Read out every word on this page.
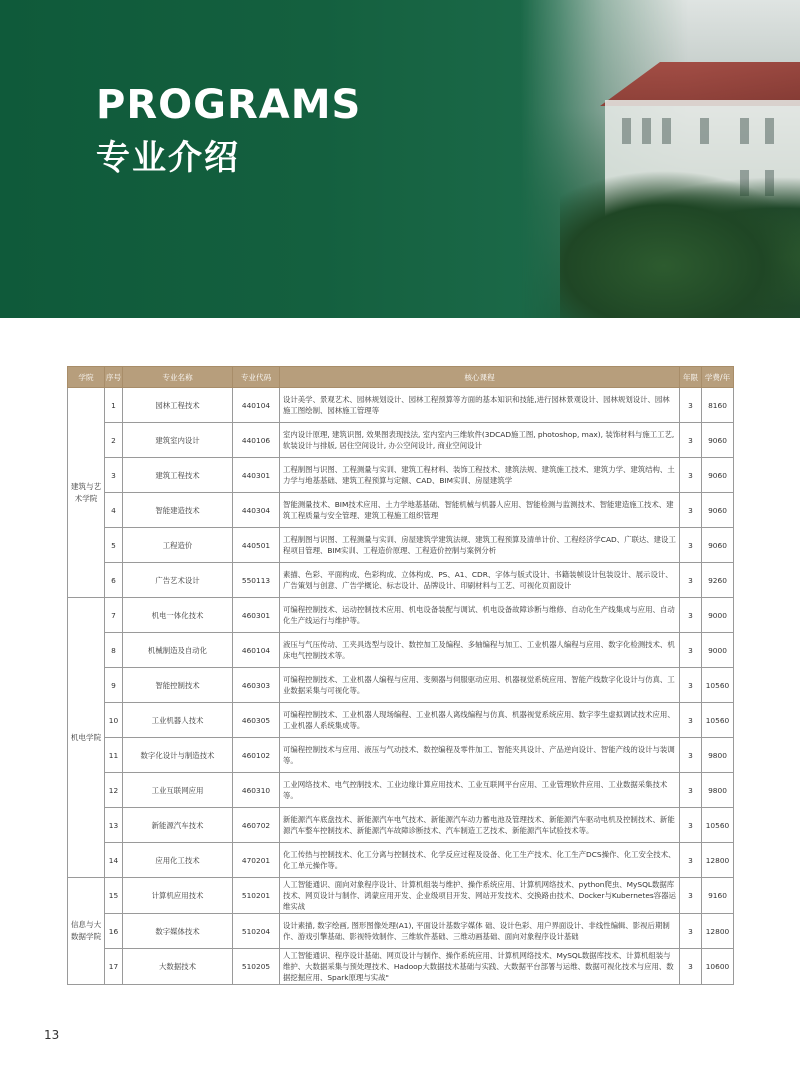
PROGRAMS
专业介绍
学院	序号	专业名称	专业代码	核心课程	年限	学费/年
建筑与艺术学院	1	园林工程技术	440104	设计美学、景观艺术、园林规划设计、园林工程预算等方面的基本知识和技能,进行园林景观设计、园林规划设计、园林施工图绘制、园林施工管理等	3	8160
	2	建筑室内设计	440106	室内设计原理, 建筑识图, 效果图表现技法, 室内室内三维软件(3DCAD施工图, photoshop, max), 装饰材料与施工工艺, 软装设计与排版, 居住空间设计, 办公空间设计, 商业空间设计	3	9060
	3	建筑工程技术	440301	工程制图与识图、工程测量与实训、建筑工程材料、装饰工程技术、建筑法规、建筑施工技术、建筑力学、建筑结构、土力学与地基基础、建筑工程预算与定额、CAD、BIM实训、房屋建筑学	3	9060
	4	智能建造技术	440304	智能测量技术、BIM技术应用、土力学地基基础、智能机械与机器人应用、智能检测与监测技术、智能建造施工技术、建筑工程质量与安全管理、建筑工程施工组织管理	3	9060
	5	工程造价	440501	工程制图与识图、工程测量与实训、房屋建筑学建筑法规、建筑工程预算及清单计价、工程经济学CAD、广联达、建设工程项目管理、BIM实训、工程造价原理、工程造价控制与案例分析	3	9060
	6	广告艺术设计	550113	素描、色彩、平面构成、色彩构成、立体构成、PS、A1、CDR、字体与版式设计、书籍装帧设计包装设计、展示设计、广告策划与创意、广告学概论、标志设计、品牌设计、印刷材料与工艺、可视化页面设计	3	9260
机电学院	7	机电一体化技术	460301	可编程控制技术、运动控制技术应用、机电设备装配与调试、机电设备故障诊断与维修、自动化生产线集成与应用、自动化生产线运行与维护等。	3	9000
	8	机械制造及自动化	460104	液压与气压传动、工夹具选型与设计、数控加工及编程、多轴编程与加工、工业机器人编程与应用、数字化检测技术、机床电气控制技术等。	3	9000
	9	智能控制技术	460303	可编程控制技术、工业机器人编程与应用、变频器与伺服驱动应用、机器视觉系统应用、智能产线数字化设计与仿真、工业数据采集与可视化等。	3	10560
	10	工业机器人技术	460305	可编程控制技术、工业机器人现场编程、工业机器人离线编程与仿真、机器视觉系统应用、数字孪生虚拟调试技术应用、工业机器人系统集成等。	3	10560
	11	数字化设计与制造技术	460102	可编程控制技术与应用、液压与气动技术、数控编程及零件加工、智能夹具设计、产品逆向设计、智能产线的设计与装调等。	3	9800
	12	工业互联网应用	460310	工业网络技术、电气控制技术、工业边缘计算应用技术、工业互联网平台应用、工业管理软件应用、工业数据采集技术等。	3	9800
	13	新能源汽车技术	460702	新能源汽车底盘技术、新能源汽车电气技术、新能源汽车动力蓄电池及管理技术、新能源汽车驱动电机及控制技术、新能源汽车整车控制技术、新能源汽车故障诊断技术、汽车制造工艺技术、新能源汽车试验技术等。	3	10560
	14	应用化工技术	470201	化工传热与控制技术、化工分离与控制技术、化学反应过程及设备、化工生产技术、化工生产DCS操作、化工安全技术、化工单元操作等。	3	12800
信息与大数据学院	15	计算机应用技术	510201	人工智能通识、面向对象程序设计、计算机组装与维护、操作系统应用、计算机网络技术、python爬虫、MySQL数据库技术、网页设计与制作、鸿蒙应用开发、企业级项目开发、网站开发技术、交换路由技术、Docker与Kubernetes容器运维实战	3	9160
	16	数字媒体技术	510204	设计素描, 数字绘画, 图形图像处理(A1), 平面设计基数字媒体 础、设计色彩、用户界面设计、非线性编辑、影视后期制作、游戏引擎基础、影视特效制作、三维软件基础、三维动画基础、面向对象程序设计基础	3	12800
	17	大数据技术	510205	人工智能通识、程序设计基础、网页设计与制作、操作系统应用、计算机网络技术、MySQL数据库技术、计算机组装与维护、大数据采集与预处理技术、Hadoop大数据技术基础与实践、大数据平台部署与运维、数据可视化技术与应用、数据挖掘应用、Spark原理与实战"	3	10600
13
